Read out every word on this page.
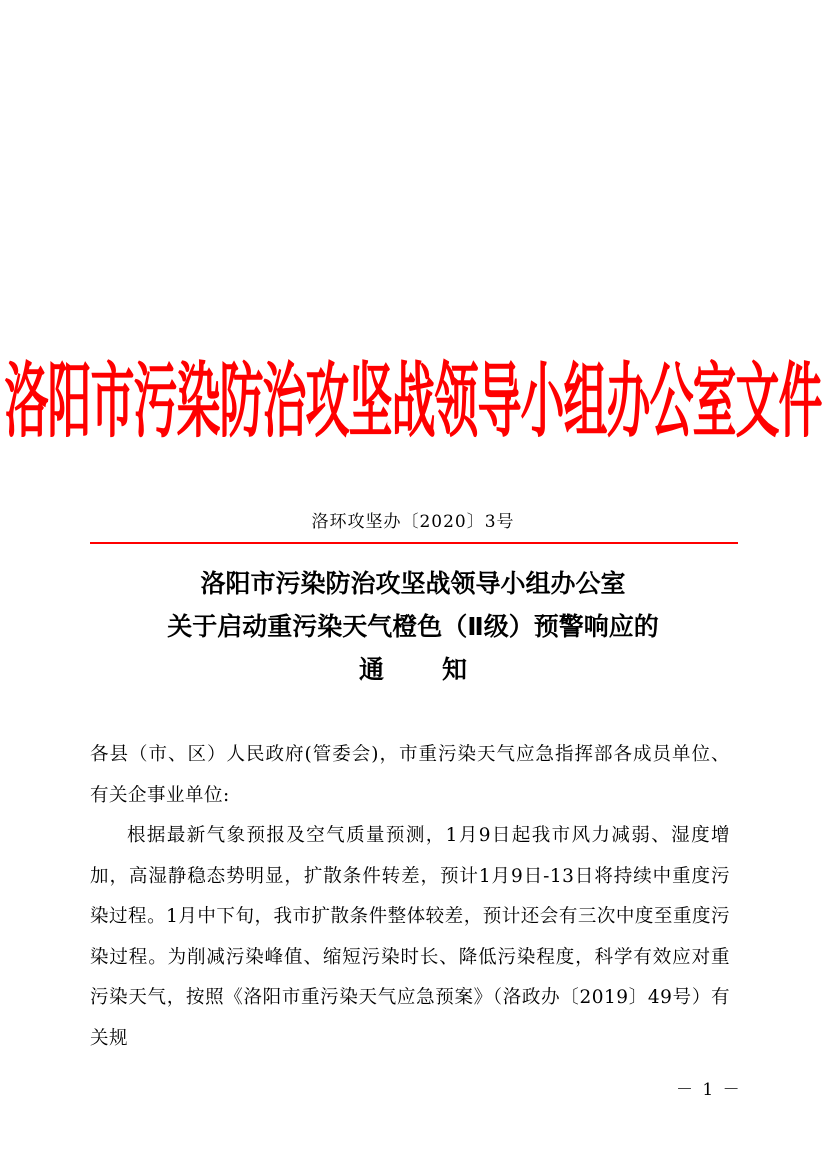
洛阳市污染防治攻坚战领导小组办公室文件
洛环攻坚办〔2020〕3号
洛阳市污染防治攻坚战领导小组办公室
关于启动重污染天气橙色（Ⅱ级）预警响应的
通 知

各县（市、区）人民政府(管委会)，市重污染天气应急指挥部各成员单位、有关企事业单位:

根据最新气象预报及空气质量预测，1月9日起我市风力减弱、湿度增加，高湿静稳态势明显，扩散条件转差，预计1月9日-13日将持续中重度污染过程。1月中下旬，我市扩散条件整体较差，预计还会有三次中度至重度污染过程。为削减污染峰值、缩短污染时长、降低污染程度，科学有效应对重污染天气，按照《洛阳市重污染天气应急预案》（洛政办〔2019〕49号）有关规

－ 1 －
